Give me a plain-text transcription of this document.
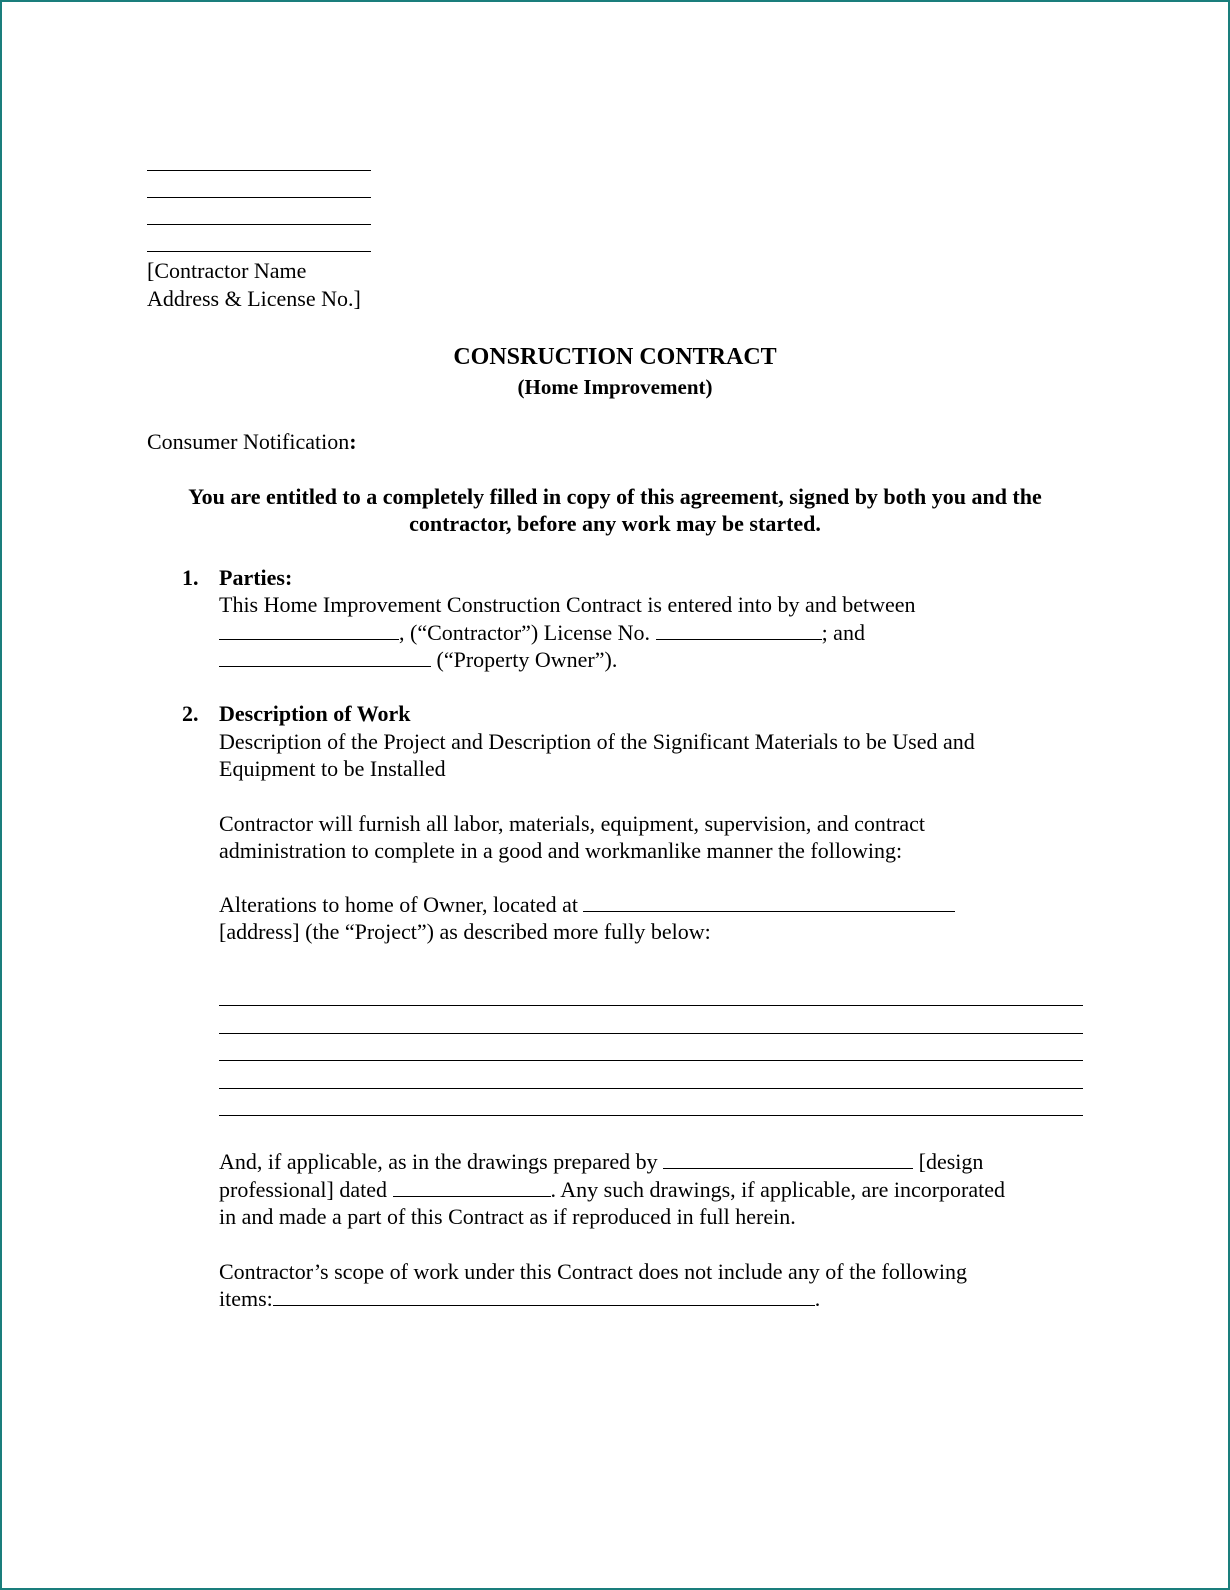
[Contractor Name
Address & License No.]
CONSRUCTION CONTRACT
(Home Improvement)
Consumer Notification:
You are entitled to a completely filled in copy of this agreement, signed by both you and the
contractor, before any work may be started.
1. Parties:
This Home Improvement Construction Contract is entered into by and between
, (“Contractor”) License No.	; and
(“Property Owner”).
2. Description of Work
Description of the Project and Description of the Significant Materials to be Used and
Equipment to be Installed
Contractor will furnish all labor, materials, equipment, supervision, and contract
administration to complete in a good and workmanlike manner the following:
Alterations to home of Owner, located at
[address] (the “Project”) as described more fully below:
And, if applicable, as in the drawings prepared by	[design
professional] dated	. Any such drawings, if applicable, are incorporated
in and made a part of this Contract as if reproduced in full herein.
Contractor’s scope of work under this Contract does not include any of the following
items:	.
